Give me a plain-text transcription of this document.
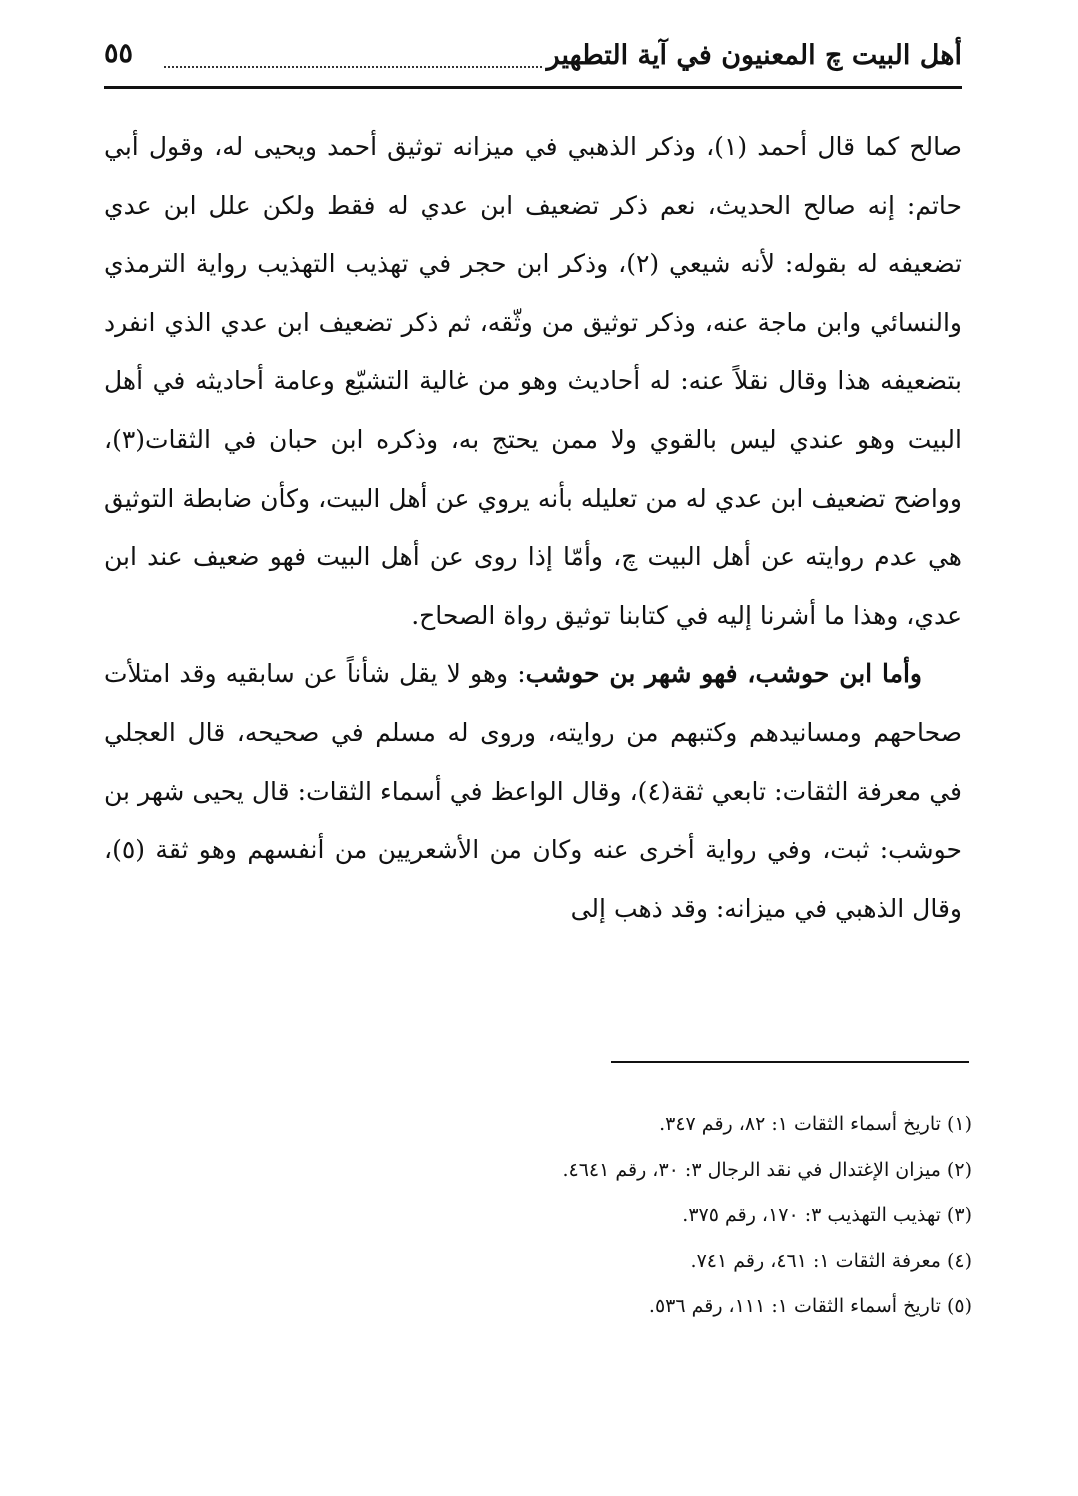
أهل البيت ﭺ المعنيون في آية التطهير
٥٥

صالح كما قال أحمد (١)، وذكر الذهبي في ميزانه توثيق أحمد ويحيى له، وقول أبي حاتم: إنه صالح الحديث، نعم ذكر تضعيف ابن عدي له فقط ولكن علل ابن عدي تضعيفه له بقوله: لأنه شيعي (٢)، وذكر ابن حجر في تهذيب التهذيب رواية الترمذي والنسائي وابن ماجة عنه، وذكر توثيق من وثّقه، ثم ذكر تضعيف ابن عدي الذي انفرد بتضعيفه هذا وقال نقلاً عنه: له أحاديث وهو من غالية التشيّع وعامة أحاديثه في أهل البيت وهو عندي ليس بالقوي ولا ممن يحتج به، وذكره ابن حبان في الثقات(٣)، وواضح تضعيف ابن عدي له من تعليله بأنه يروي عن أهل البيت، وكأن ضابطة التوثيق هي عدم روايته عن أهل البيت ﭺ، وأمّا إذا روى عن أهل البيت فهو ضعيف عند ابن عدي، وهذا ما أشرنا إليه في كتابنا توثيق رواة الصحاح.

وأما ابن حوشب، فهو شهر بن حوشب: وهو لا يقل شأناً عن سابقيه وقد امتلأت صحاحهم ومسانيدهم وكتبهم من روايته، وروى له مسلم في صحيحه، قال العجلي في معرفة الثقات: تابعي ثقة(٤)، وقال الواعظ في أسماء الثقات: قال يحيى شهر بن حوشب: ثبت، وفي رواية أخرى عنه وكان من الأشعريين من أنفسهم وهو ثقة (٥)، وقال الذهبي في ميزانه: وقد ذهب إلى

(١) تاريخ أسماء الثقات ١: ٨٢، رقم ٣٤٧.
(٢) ميزان الإغتدال في نقد الرجال ٣: ٣٠، رقم ٤٦٤١.
(٣) تهذيب التهذيب ٣: ١٧٠، رقم ٣٧٥.
(٤) معرفة الثقات ١: ٤٦١، رقم ٧٤١.
(٥) تاريخ أسماء الثقات ١: ١١١، رقم ٥٣٦.
